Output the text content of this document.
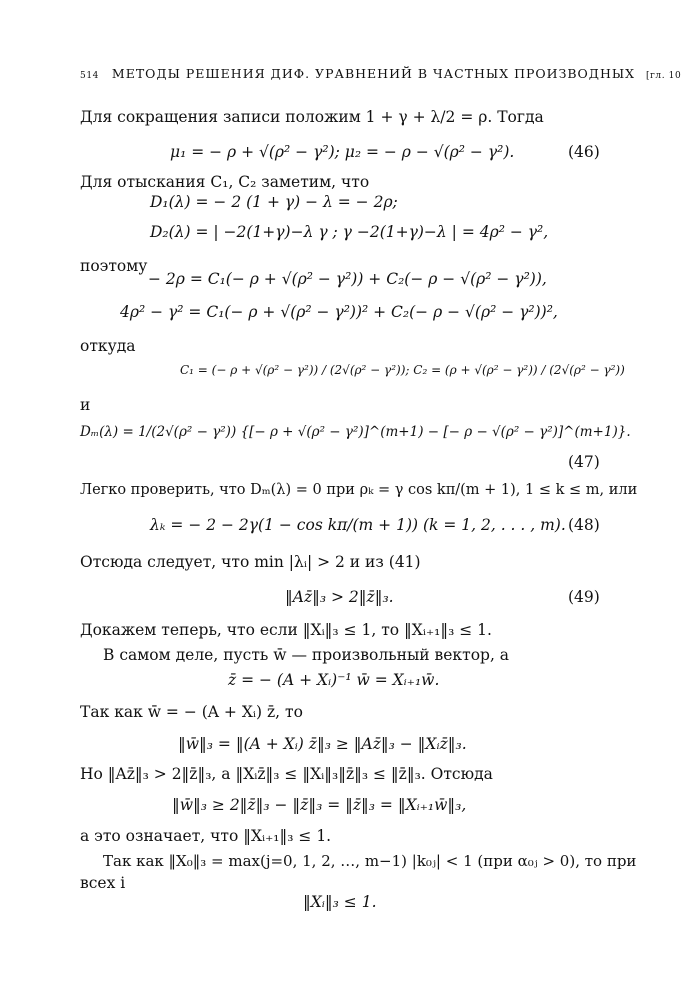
514 МЕТОДЫ РЕШЕНИЯ ДИФ. УРАВНЕНИЙ В ЧАСТНЫХ ПРОИЗВОДНЫХ [гл. 10
Для сокращения записи положим 1 + γ + λ/2 = ρ. Тогда
μ₁ = − ρ + √(ρ² − γ²); μ₂ = − ρ − √(ρ² − γ²).	(46)
Для отыскания C₁, C₂ заметим, что
D₁(λ) = − 2 (1 + γ) − λ = − 2ρ;
D₂(λ) = | −2(1+γ)−λ γ ; γ −2(1+γ)−λ | = 4ρ² − γ²,
поэтому
− 2ρ = C₁(− ρ + √(ρ² − γ²)) + C₂(− ρ − √(ρ² − γ²)),
4ρ² − γ² = C₁(− ρ + √(ρ² − γ²))² + C₂(− ρ − √(ρ² − γ²))²,
откуда
C₁ = (− ρ + √(ρ² − γ²)) / (2√(ρ² − γ²)); C₂ = (ρ + √(ρ² − γ²)) / (2√(ρ² − γ²))
и
Dₘ(λ) = 1/(2√(ρ² − γ²)) {[− ρ + √(ρ² − γ²)]^(m+1) − [− ρ − √(ρ² − γ²)]^(m+1)}.
(47)
Легко проверить, что Dₘ(λ) = 0 при ρₖ = γ cos kπ/(m + 1), 1 ≤ k ≤ m, или
λₖ = − 2 − 2γ(1 − cos kπ/(m + 1)) (k = 1, 2, . . . , m). (48)
Отсюда следует, что min |λᵢ| > 2 и из (41)
‖Az̄‖₃ > 2‖z̄‖₃.	(49)
Докажем теперь, что если ‖Xᵢ‖₃ ≤ 1, то ‖Xᵢ₊₁‖₃ ≤ 1.
В самом деле, пусть w̄ — произвольный вектор, а
z̄ = − (A + Xᵢ)⁻¹ w̄ = Xᵢ₊₁w̄.
Так как w̄ = − (A + Xᵢ) z̄, то
‖w̄‖₃ = ‖(A + Xᵢ) z̄‖₃ ≥ ‖Az̄‖₃ − ‖Xᵢz̄‖₃.
Но ‖Az̄‖₃ > 2‖z̄‖₃, а ‖Xᵢz̄‖₃ ≤ ‖Xᵢ‖₃‖z̄‖₃ ≤ ‖z̄‖₃. Отсюда
‖w̄‖₃ ≥ 2‖z̄‖₃ − ‖z̄‖₃ = ‖z̄‖₃ = ‖Xᵢ₊₁w̄‖₃,
а это означает, что ‖Xᵢ₊₁‖₃ ≤ 1.
Так как ‖X₀‖₃ = max(j=0, 1, 2, …, m−1) |k₀ⱼ| < 1 (при α₀ⱼ > 0), то при
всех i
‖Xᵢ‖₃ ≤ 1.
